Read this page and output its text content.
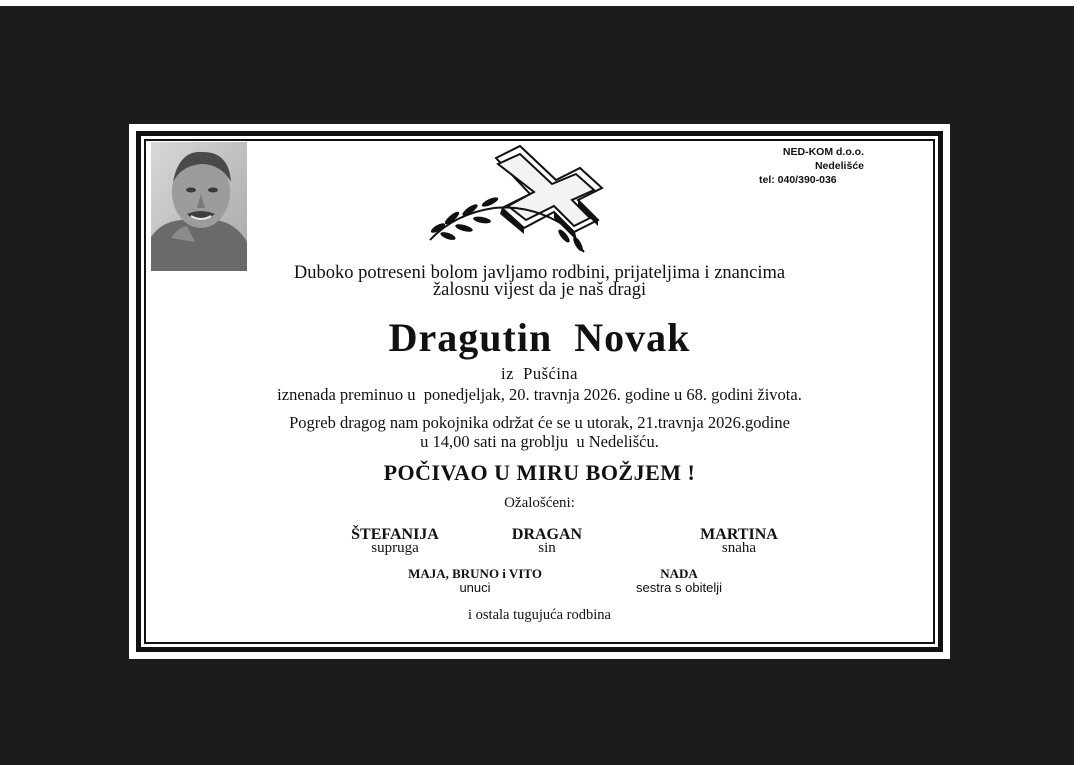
NED-KOM d.o.o.
Nedelišće
tel: 040/390-036
Duboko potreseni bolom javljamo rodbini, prijateljima i znancima
žalosnu vijest da je naš dragi
Dragutin  Novak
iz  Pušćina
iznenada preminuo u  ponedjeljak, 20. travnja 2026. godine u 68. godini života.
Pogreb dragog nam pokojnika održat će se u utorak, 21.travnja 2026.godine
u 14,00 sati na groblju  u Nedelišću.
POČIVAO U MIRU BOŽJEM !
Ožalošćeni:
ŠTEFANIJA
supruga
DRAGAN
sin
MARTINA
snaha
MAJA, BRUNO i VITO
unuci
NADA
sestra s obitelji
i ostala tugujuća rodbina
